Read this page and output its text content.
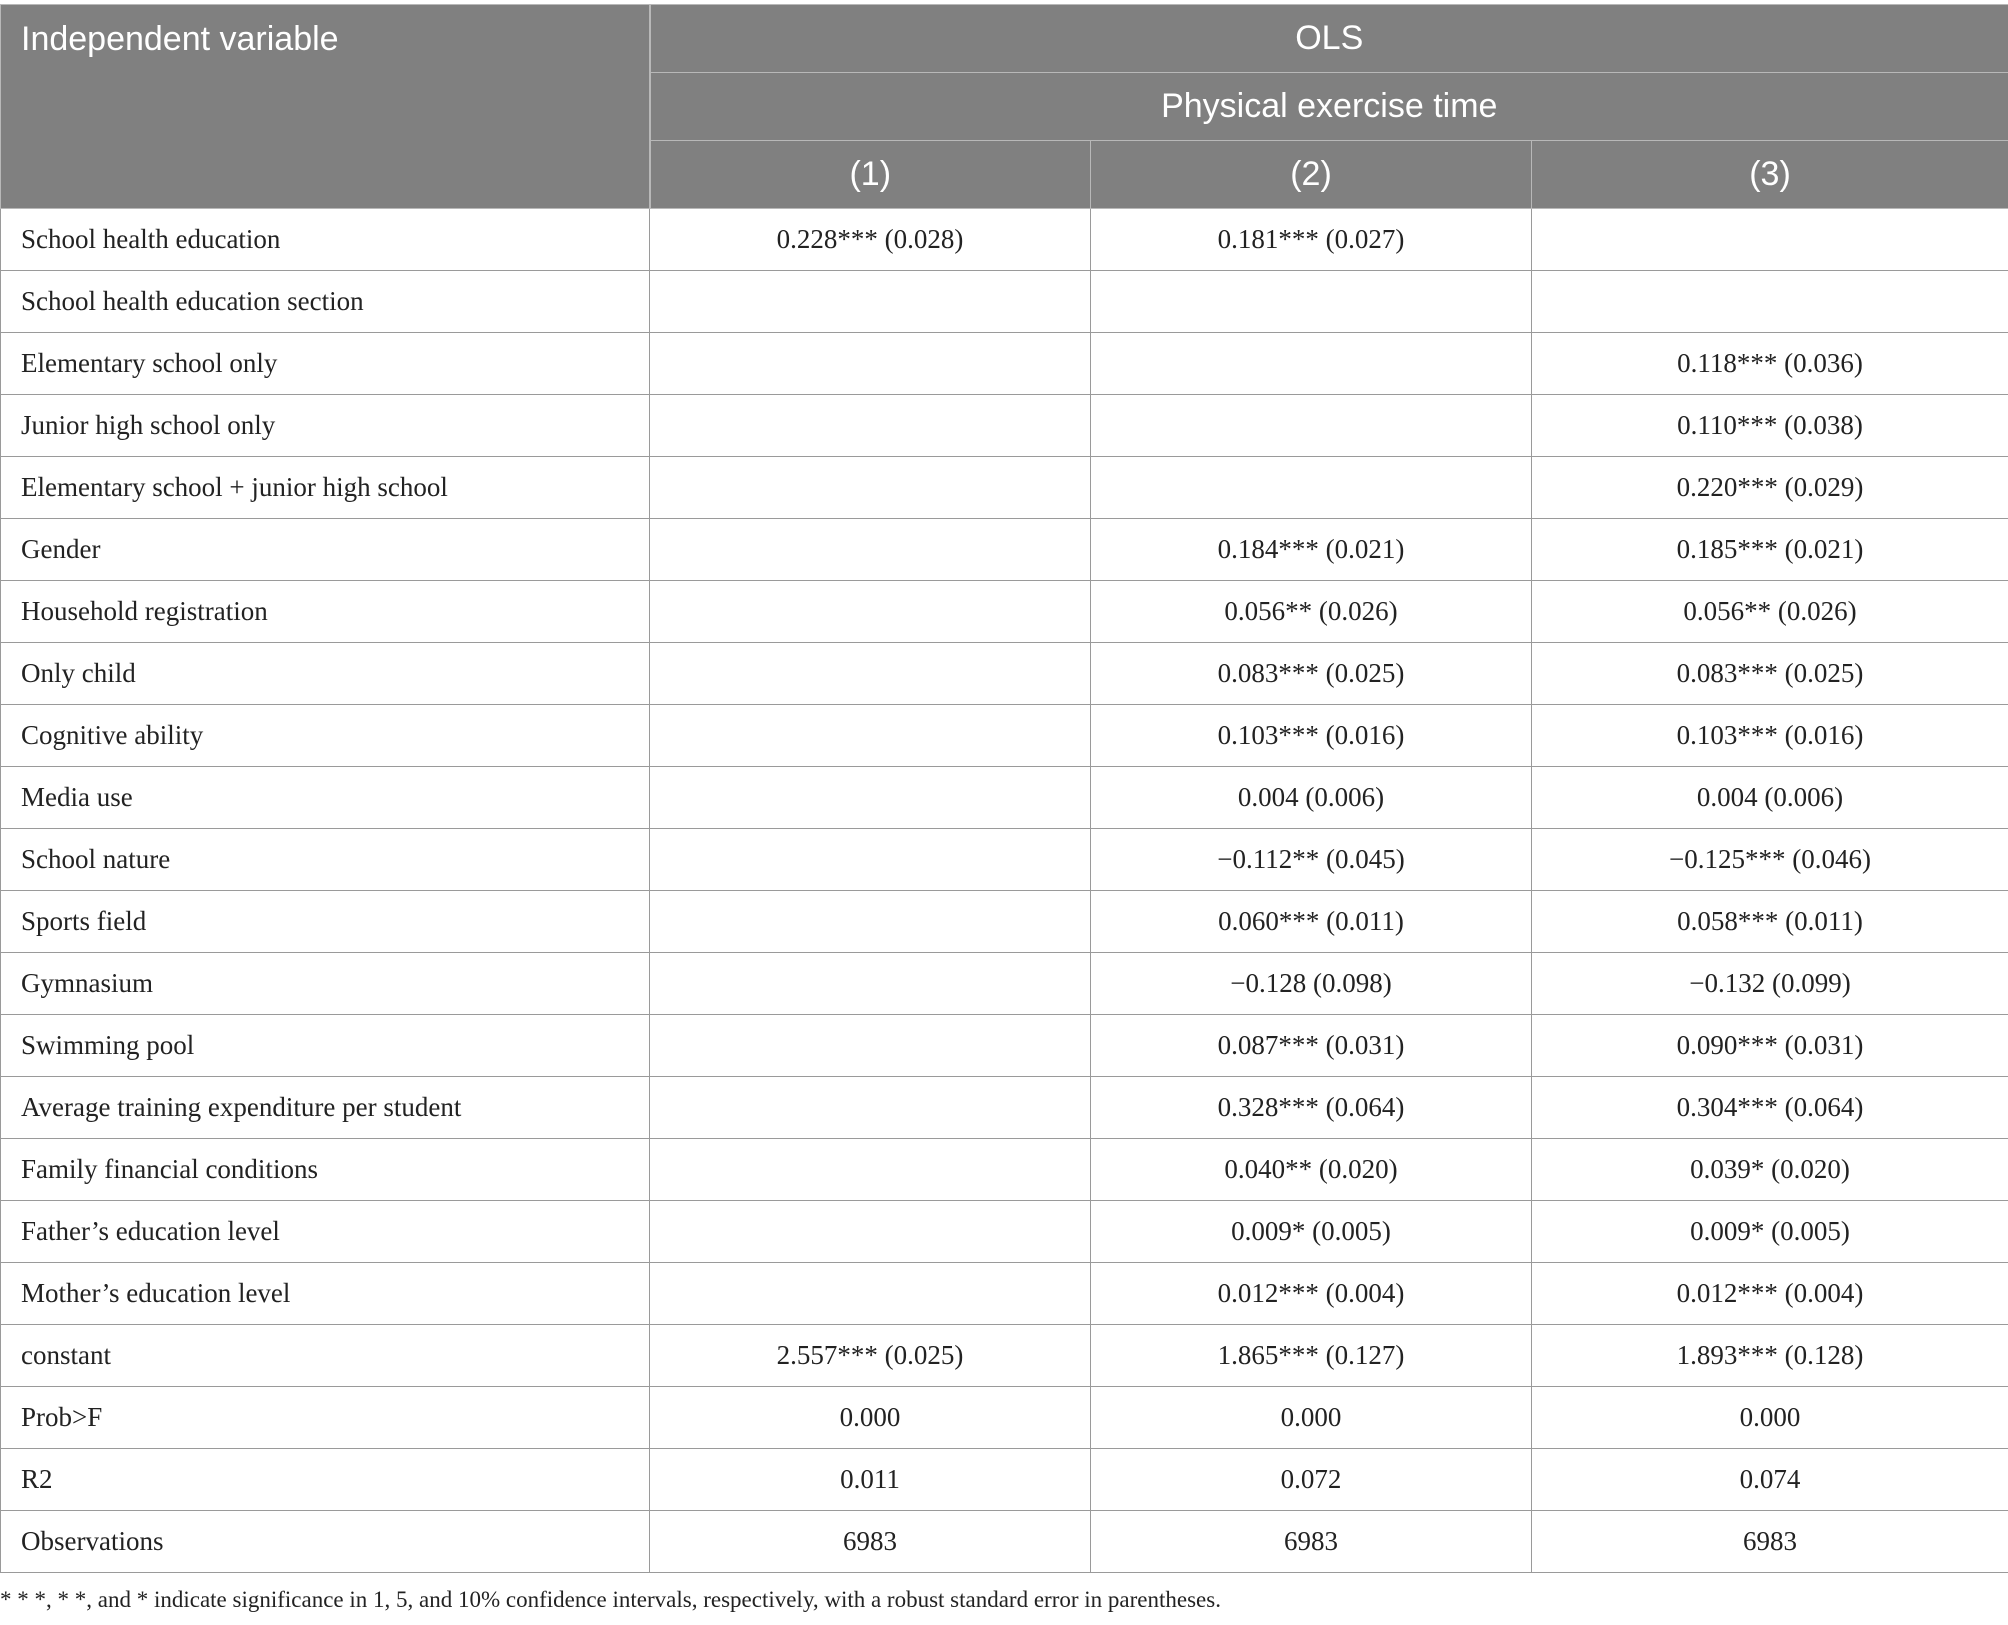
Independent variable	OLS		
	Physical exercise time		
	(1)	(2)	(3)
School health education	0.228*** (0.028)	0.181*** (0.027)	
School health education section			
Elementary school only			0.118*** (0.036)
Junior high school only			0.110*** (0.038)
Elementary school + junior high school			0.220*** (0.029)
Gender		0.184*** (0.021)	0.185*** (0.021)
Household registration		0.056** (0.026)	0.056** (0.026)
Only child		0.083*** (0.025)	0.083*** (0.025)
Cognitive ability		0.103*** (0.016)	0.103*** (0.016)
Media use		0.004 (0.006)	0.004 (0.006)
School nature		−0.112** (0.045)	−0.125*** (0.046)
Sports field		0.060*** (0.011)	0.058*** (0.011)
Gymnasium		−0.128 (0.098)	−0.132 (0.099)
Swimming pool		0.087*** (0.031)	0.090*** (0.031)
Average training expenditure per student		0.328*** (0.064)	0.304*** (0.064)
Family financial conditions		0.040** (0.020)	0.039* (0.020)
Father’s education level		0.009* (0.005)	0.009* (0.005)
Mother’s education level		0.012*** (0.004)	0.012*** (0.004)
constant	2.557*** (0.025)	1.865*** (0.127)	1.893*** (0.128)
Prob>F	0.000	0.000	0.000
R2	0.011	0.072	0.074
Observations	6983	6983	6983
* * *, * *, and * indicate significance in 1, 5, and 10% confidence intervals, respectively, with a robust standard error in parentheses.
